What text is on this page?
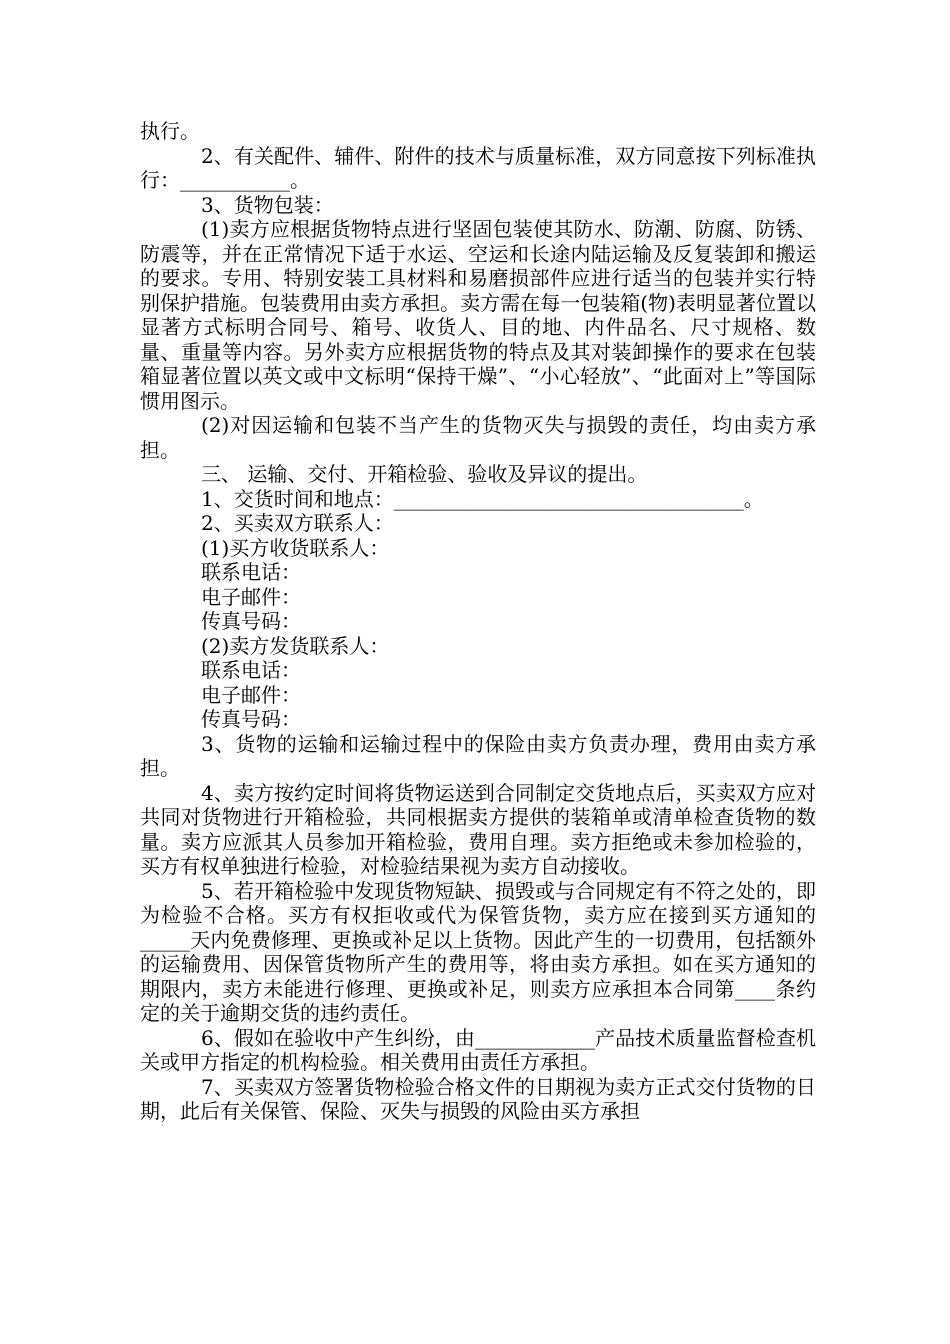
执行。

2、有关配件、辅件、附件的技术与质量标准，双方同意按下列标准执行：___________。

3、货物包装：

(1)卖方应根据货物特点进行坚固包装使其防水、防潮、防腐、防锈、防震等，并在正常情况下适于水运、空运和长途内陆运输及反复装卸和搬运的要求。专用、特别安装工具材料和易磨损部件应进行适当的包装并实行特别保护措施。包装费用由卖方承担。卖方需在每一包装箱(物)表明显著位置以显著方式标明合同号、箱号、收货人、目的地、内件品名、尺寸规格、数量、重量等内容。另外卖方应根据货物的特点及其对装卸操作的要求在包装箱显著位置以英文或中文标明“保持干燥”、“小心轻放”、“此面对上”等国际惯用图示。

(2)对因运输和包装不当产生的货物灭失与损毁的责任，均由卖方承担。

三、 运输、交付、开箱检验、验收及异议的提出。

1、交货时间和地点：___________________________________。

2、买卖双方联系人：

(1)买方收货联系人：

联系电话：

电子邮件：

传真号码：

(2)卖方发货联系人：

联系电话：

电子邮件：

传真号码：

3、货物的运输和运输过程中的保险由卖方负责办理，费用由卖方承担。

4、卖方按约定时间将货物运送到合同制定交货地点后，买卖双方应对共同对货物进行开箱检验，共同根据卖方提供的装箱单或清单检查货物的数量。卖方应派其人员参加开箱检验，费用自理。卖方拒绝或未参加检验的，买方有权单独进行检验，对检验结果视为卖方自动接收。

5、若开箱检验中发现货物短缺、损毁或与合同规定有不符之处的，即为检验不合格。买方有权拒收或代为保管货物，卖方应在接到买方通知的_____天内免费修理、更换或补足以上货物。因此产生的一切费用，包括额外的运输费用、因保管货物所产生的费用等，将由卖方承担。如在买方通知的期限内，卖方未能进行修理、更换或补足，则卖方应承担本合同第____条约定的关于逾期交货的违约责任。

6、假如在验收中产生纠纷，由____________产品技术质量监督检查机关或甲方指定的机构检验。相关费用由责任方承担。

7、买卖双方签署货物检验合格文件的日期视为卖方正式交付货物的日期，此后有关保管、保险、灭失与损毁的风险由买方承担
